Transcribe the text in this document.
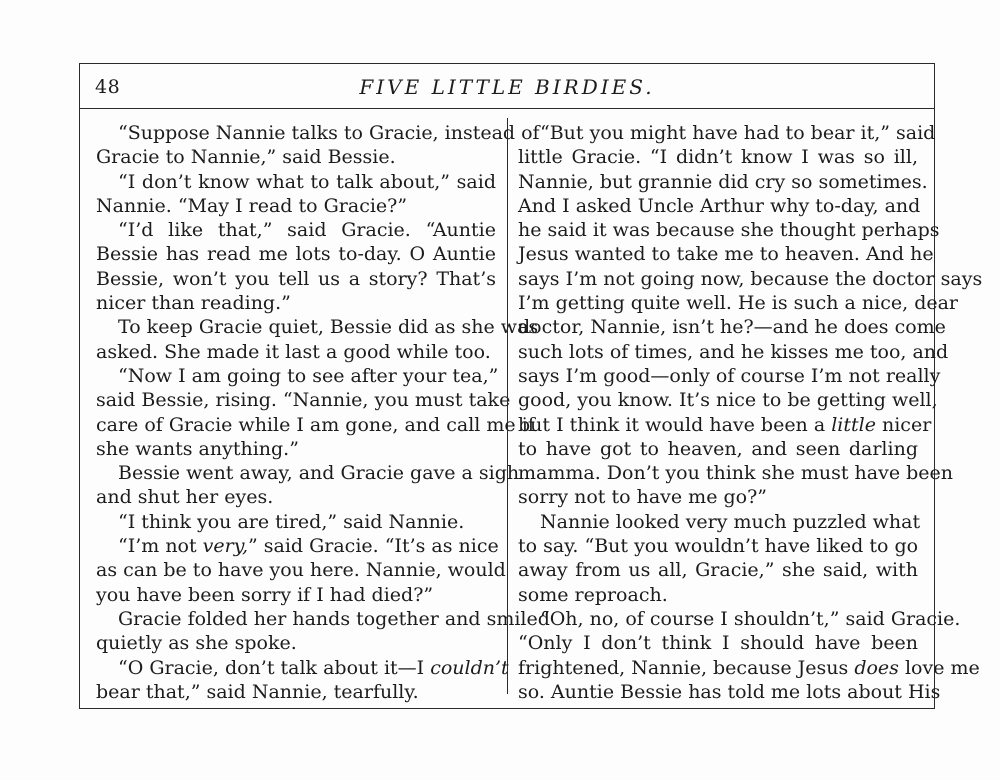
48	FIVE LITTLE BIRDIES.
“Suppose Nannie talks to Gracie, instead of
Gracie to Nannie,” said Bessie.
“I don’t know what to talk about,” said
Nannie. “May I read to Gracie?”
“I’d like that,” said Gracie. “Auntie
Bessie has read me lots to-day. O Auntie
Bessie, won’t you tell us a story? That’s
nicer than reading.”
To keep Gracie quiet, Bessie did as she was
asked. She made it last a good while too.
“Now I am going to see after your tea,”
said Bessie, rising. “Nannie, you must take
care of Gracie while I am gone, and call me if
she wants anything.”
Bessie went away, and Gracie gave a sigh
and shut her eyes.
“I think you are tired,” said Nannie.
“I’m not very,” said Gracie. “It’s as nice
as can be to have you here. Nannie, would
you have been sorry if I had died?”
Gracie folded her hands together and smiled
quietly as she spoke.
“O Gracie, don’t talk about it—I couldn’t
bear that,” said Nannie, tearfully.
“But you might have had to bear it,” said
little Gracie. “I didn’t know I was so ill,
Nannie, but grannie did cry so sometimes.
And I asked Uncle Arthur why to-day, and
he said it was because she thought perhaps
Jesus wanted to take me to heaven. And he
says I’m not going now, because the doctor says
I’m getting quite well. He is such a nice, dear
doctor, Nannie, isn’t he?—and he does come
such lots of times, and he kisses me too, and
says I’m good—only of course I’m not really
good, you know. It’s nice to be getting well,
but I think it would have been a little nicer
to have got to heaven, and seen darling
mamma. Don’t you think she must have been
sorry not to have me go?”
Nannie looked very much puzzled what
to say. “But you wouldn’t have liked to go
away from us all, Gracie,” she said, with
some reproach.
“Oh, no, of course I shouldn’t,” said Gracie.
“Only I don’t think I should have been
frightened, Nannie, because Jesus does love me
so. Auntie Bessie has told me lots about His
